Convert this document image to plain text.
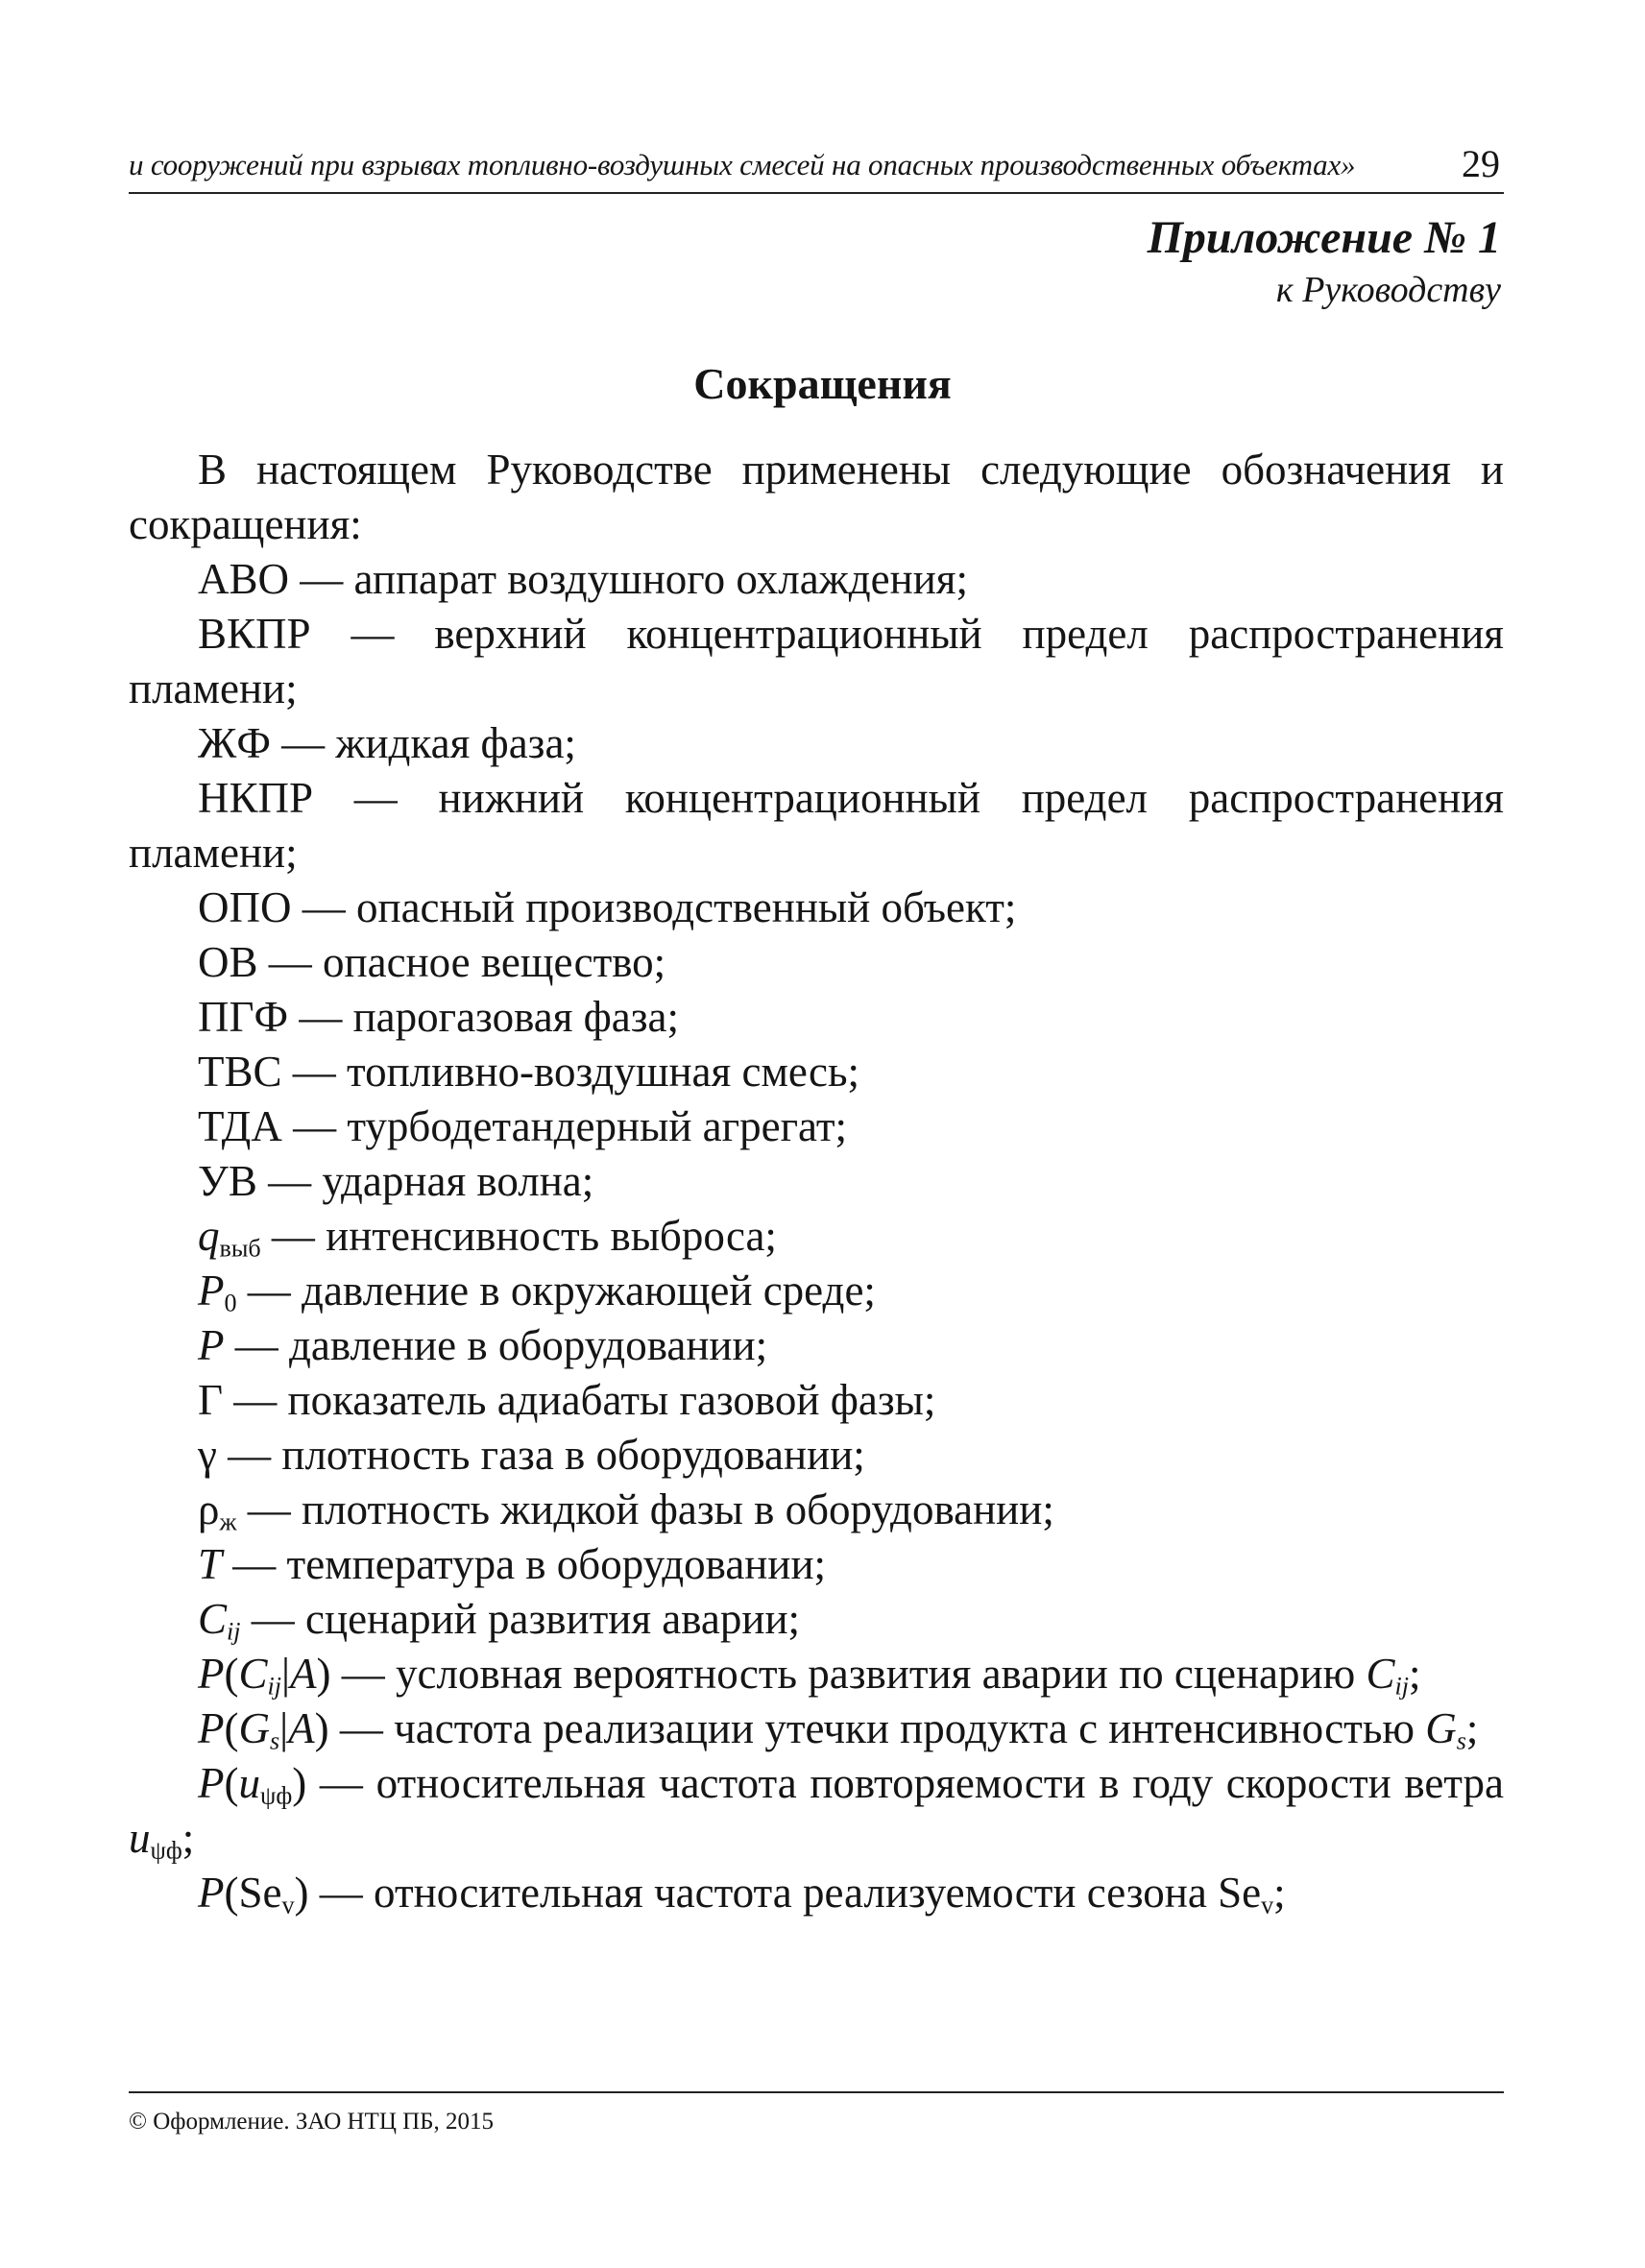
и сооружений при взрывах топливно-воздушных смесей на опасных производственных объектах»	29
Приложение № 1
к Руководству
Сокращения

В настоящем Руководстве применены следующие обозначения и сокращения:

АВО — аппарат воздушного охлаждения;

ВКПР — верхний концентрационный предел распространения пламени;

ЖФ — жидкая фаза;

НКПР — нижний концентрационный предел распространения пламени;

ОПО — опасный производственный объект;

ОВ — опасное вещество;

ПГФ — парогазовая фаза;

ТВС — топливно-воздушная смесь;

ТДА — турбодетандерный агрегат;

УВ — ударная волна;

$q_{выб}$ — интенсивность выброса;

$P_0$ — давление в окружающей среде;

P — давление в оборудовании;

Г — показатель адиабаты газовой фазы;

γ — плотность газа в оборудовании;

$\rho_ж$ — плотность жидкой фазы в оборудовании;

T — температура в оборудовании;

$C_{ij}$ — сценарий развития аварии;

$P(C_{ij}|A)$ — условная вероятность развития аварии по сценарию $C_{ij}$;

$P(G_s|A)$ — частота реализации утечки продукта с интенсивностью $G_s$;

$P(u_{\psi ф})$ — относительная частота повторяемости в году скорости ветра $u_{\psi ф}$;

$P(Se_v)$ — относительная частота реализуемости сезона $Se_v$;

© Оформление. ЗАО НТЦ ПБ, 2015
